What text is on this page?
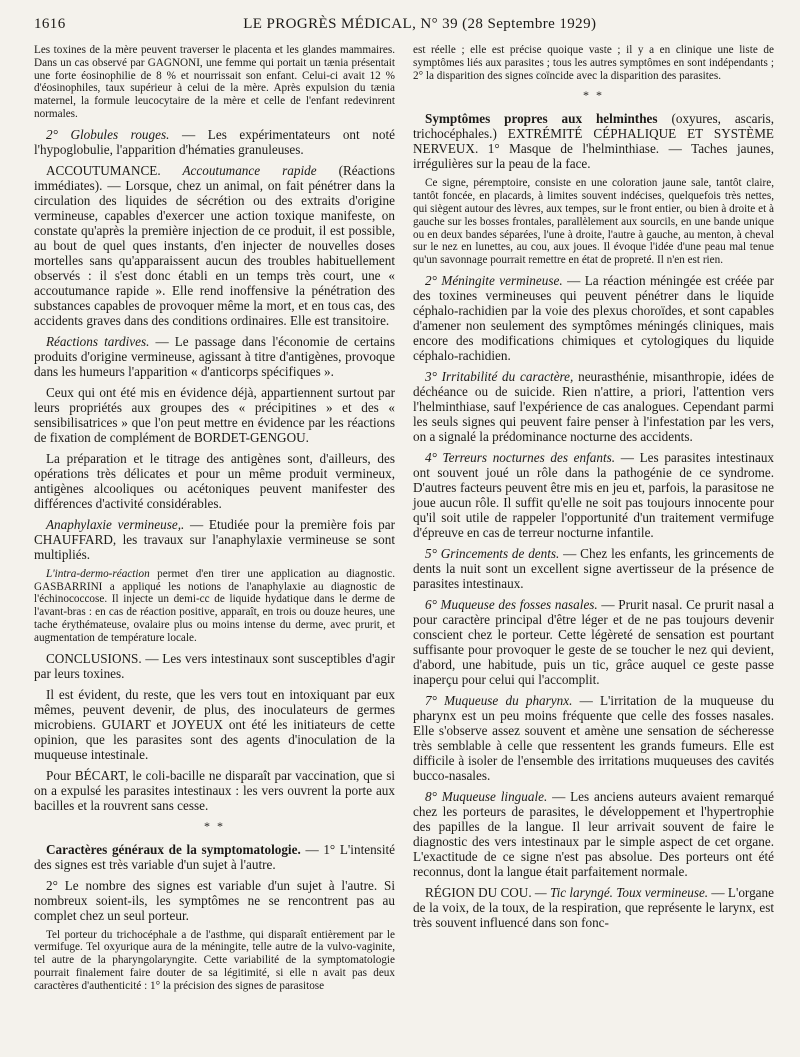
1616	LE PROGRÈS MÉDICAL, N° 39 (28 Septembre 1929)

Les toxines de la mère peuvent traverser le placenta et les glandes mammaires. Dans un cas observé par GAGNONI, une femme qui portait un tænia présentait une forte éosinophilie de 8 % et nourrissait son enfant. Celui-ci avait 12 % d'éosinophiles, taux supérieur à celui de la mère. Après expulsion du tænia maternel, la formule leucocytaire de la mère et celle de l'enfant redevinrent normales.

2° Globules rouges. — Les expérimentateurs ont noté l'hypoglobulie, l'apparition d'hématies granuleuses.

ACCOUTUMANCE. Accoutumance rapide (Réactions immédiates). — Lorsque, chez un animal, on fait pénétrer dans la circulation des liquides de sécrétion ou des extraits d'origine vermineuse, capables d'exercer une action toxique manifeste, on constate qu'après la première injection de ce produit, il est possible, au bout de quel ques instants, d'en injecter de nouvelles doses mortelles sans qu'apparaissent aucun des troubles habituellement observés : il s'est donc établi en un temps très court, une « accoutumance rapide ». Elle rend inoffensive la pénétration des substances capables de provoquer même la mort, et en tous cas, des accidents graves dans des conditions ordinaires. Elle est transitoire.

Réactions tardives. — Le passage dans l'économie de certains produits d'origine vermineuse, agissant à titre d'antigènes, provoque dans les humeurs l'apparition « d'anticorps spécifiques ».

Ceux qui ont été mis en évidence déjà, appartiennent surtout par leurs propriétés aux groupes des « précipitines » et des « sensibilisatrices » que l'on peut mettre en évidence par les réactions de fixation de complément de BORDET-GENGOU.

La préparation et le titrage des antigènes sont, d'ailleurs, des opérations très délicates et pour un même produit vermineux, antigènes alcooliques ou acétoniques peuvent manifester des différences d'activité considérables.

Anaphylaxie vermineuse,. — Etudiée pour la première fois par CHAUFFARD, les travaux sur l'anaphylaxie vermineuse se sont multipliés.

L'intra-dermo-réaction permet d'en tirer une application au diagnostic. GASBARRINI a appliqué les notions de l'anaphylaxie au diagnostic de l'échinococcose. Il injecte un demi-cc de liquide hydatique dans le derme de l'avant-bras : en cas de réaction positive, apparaît, en trois ou douze heures, une tache érythémateuse, ovalaire plus ou moins intense du derme, avec prurit, et augmentation de température locale.

CONCLUSIONS. — Les vers intestinaux sont susceptibles d'agir par leurs toxines.

Il est évident, du reste, que les vers tout en intoxiquant par eux mêmes, peuvent devenir, de plus, des inoculateurs de germes microbiens. GUIART et JOYEUX ont été les initiateurs de cette opinion, que les parasites sont des agents d'inoculation de la muqueuse intestinale.

Pour BÉCART, le coli-bacille ne disparaît par vaccination, que si on a expulsé les parasites intestinaux : les vers ouvrent la porte aux bacilles et la rouvrent sans cesse.

* *

Caractères généraux de la symptomatologie. — 1° L'intensité des signes est très variable d'un sujet à l'autre.

2° Le nombre des signes est variable d'un sujet à l'autre. Si nombreux soient-ils, les symptômes ne se rencontrent pas au complet chez un seul porteur.

Tel porteur du trichocéphale a de l'asthme, qui disparaît entièrement par le vermifuge. Tel oxyurique aura de la méningite, telle autre de la vulvo-vaginite, tel autre de la pharyngolaryngite. Cette variabilité de la symptomatologie pourrait finalement faire douter de sa légitimité, si elle n avait pas deux caractères d'authenticité : 1° la précision des signes de parasitose

est réelle ; elle est précise quoique vaste ; il y a en clinique une liste de symptômes liés aux parasites ; tous les autres symptômes en sont indépendants ; 2° la disparition des signes coïncide avec la disparition des parasites.

* *

Symptômes propres aux helminthes (oxyures, ascaris, trichocéphales.) EXTRÉMITÉ CÉPHALIQUE ET SYSTÈME NERVEUX. 1° Masque de l'helminthiase. — Taches jaunes, irrégulières sur la peau de la face.

Ce signe, péremptoire, consiste en une coloration jaune sale, tantôt claire, tantôt foncée, en placards, à limites souvent indécises, quelquefois très nettes, qui siègent autour des lèvres, aux tempes, sur le front entier, ou bien à droite et à gauche sur les bosses frontales, parallèlement aux sourcils, en une bande unique ou en deux bandes séparées, l'une à droite, l'autre à gauche, au menton, à cheval sur le nez en lunettes, au cou, aux joues. Il évoque l'idée d'une peau mal tenue qu'un savonnage pourrait remettre en état de propreté. Il n'en est rien.

2° Méningite vermineuse. — La réaction méningée est créée par des toxines vermineuses qui peuvent pénétrer dans le liquide céphalo-rachidien par la voie des plexus choroïdes, et sont capables d'amener non seulement des symptômes méningés cliniques, mais encore des modifications chimiques et cytologiques du liquide céphalo-rachidien.

3° Irritabilité du caractère, neurasthénie, misanthropie, idées de déchéance ou de suicide. Rien n'attire, a priori, l'attention vers l'helminthiase, sauf l'expérience de cas analogues. Cependant parmi les seuls signes qui peuvent faire penser à l'infestation par les vers, on a signalé la prédominance nocturne des accidents.

4° Terreurs nocturnes des enfants. — Les parasites intestinaux ont souvent joué un rôle dans la pathogénie de ce syndrome. D'autres facteurs peuvent être mis en jeu et, parfois, la parasitose ne joue aucun rôle. Il suffit qu'elle ne soit pas toujours innocente pour qu'il soit utile de rappeler l'opportunité d'un traitement vermifuge d'épreuve en cas de terreur nocturne infantile.

5° Grincements de dents. — Chez les enfants, les grincements de dents la nuit sont un excellent signe avertisseur de la présence de parasites intestinaux.

6° Muqueuse des fosses nasales. — Prurit nasal. Ce prurit nasal a pour caractère principal d'être léger et de ne pas toujours devenir conscient chez le porteur. Cette légèreté de sensation est pourtant suffisante pour provoquer le geste de se toucher le nez qui devient, d'abord, une habitude, puis un tic, grâce auquel ce geste passe inaperçu pour celui qui l'accomplit.

7° Muqueuse du pharynx. — L'irritation de la muqueuse du pharynx est un peu moins fréquente que celle des fosses nasales. Elle s'observe assez souvent et amène une sensation de sécheresse très semblable à celle que ressentent les grands fumeurs. Elle est difficile à isoler de l'ensemble des irritations muqueuses des cavités bucco-nasales.

8° Muqueuse linguale. — Les anciens auteurs avaient remarqué chez les porteurs de parasites, le développement et l'hypertrophie des papilles de la langue. Il leur arrivait souvent de faire le diagnostic des vers intestinaux par le simple aspect de cet organe. L'exactitude de ce signe n'est pas absolue. Des porteurs ont été reconnus, dont la langue était parfaitement normale.

RÉGION DU COU. — Tic laryngé. Toux vermineuse. — L'organe de la voix, de la toux, de la respiration, que représente le larynx, est très souvent influencé dans son fonc-
